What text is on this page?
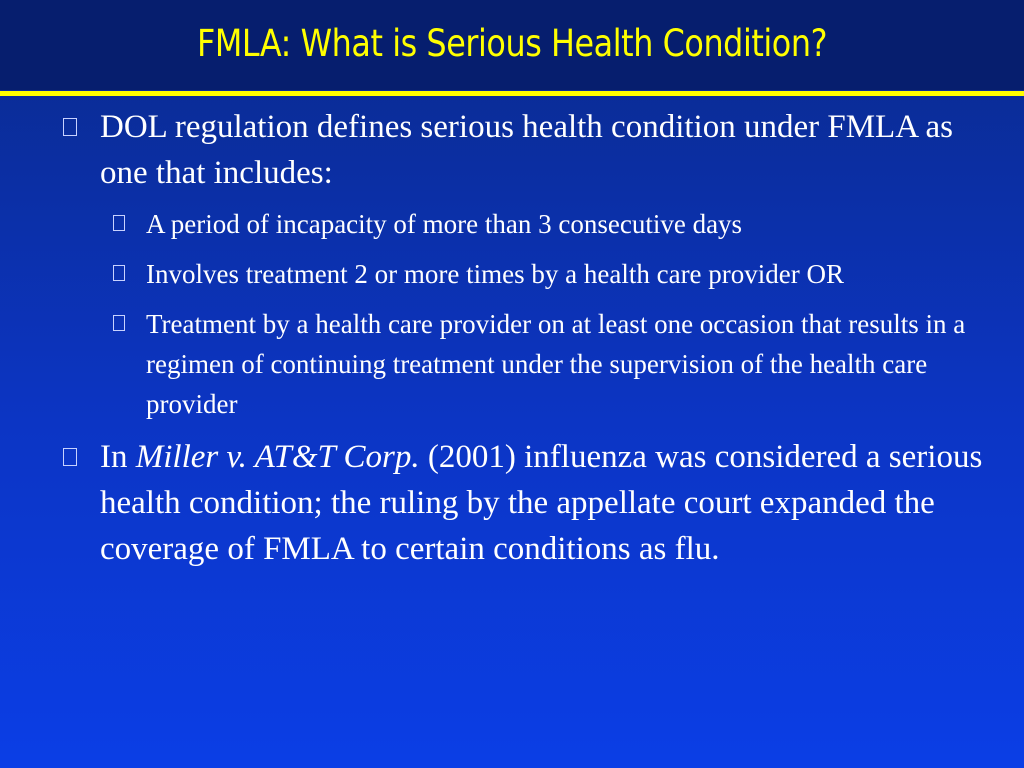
FMLA: What is Serious Health Condition?
DOL regulation defines serious health condition under FMLA as one that includes:
A period of incapacity of more than 3 consecutive days
Involves treatment 2 or more times by a health care provider OR
Treatment by a health care provider on at least one occasion that results in a regimen of continuing treatment under the supervision of the health care provider
In Miller v. AT&T Corp. (2001) influenza was considered a serious health condition; the ruling by the appellate court expanded the coverage of FMLA to certain conditions as flu.
